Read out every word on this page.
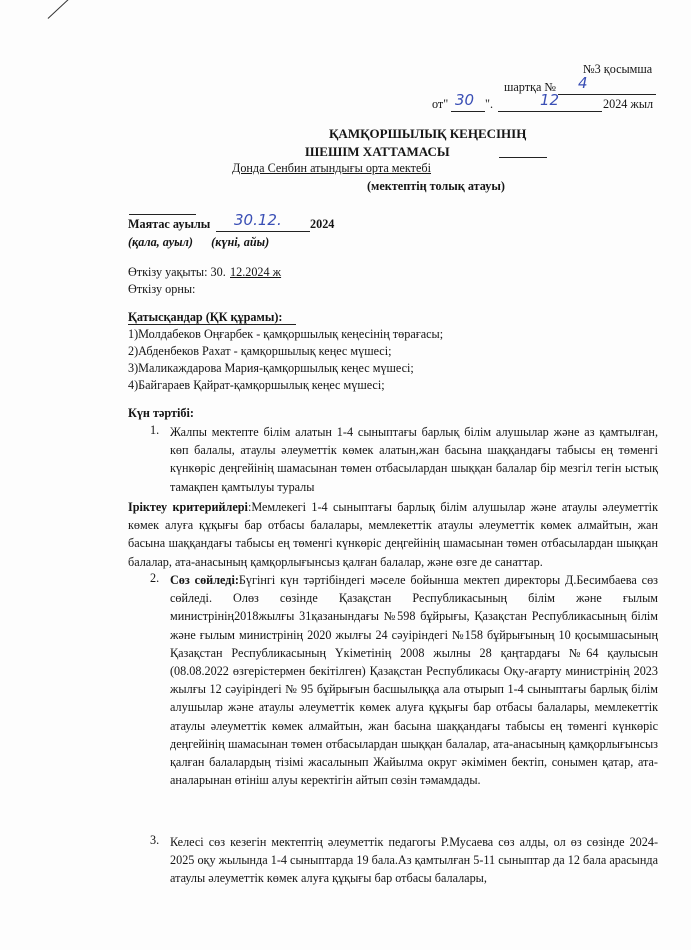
№3 қосымша

шартқа № 4

от" 30 ".	12	2024 жыл

ҚАМҚОРШЫЛЫҚ КЕҢЕСІНІҢ

ШЕШІМ ХАТТАМАСЫ

Донда Сенбин атындығы орта мектебі

(мектептің толық атауы)

Маятас ауылы 30.12. 2024

(қала, ауыл)      (күні, айы)

Өткізу уақыты: 30. 12.2024 ж

Өткізу орны:

Қатысқандар (ҚК құрамы):

1)Молдабеков Оңғарбек - қамқоршылық кеңесінің төрағасы;

2)Абденбеков Рахат - қамқоршылық кеңес мүшесі;

3)Маликаждарова Мария-қамқоршылық кеңес мүшесі;

4)Байгараев Қайрат-қамқоршылық кеңес мүшесі;

Күн тәртібі:

1. Жалпы мектепте білім алатын 1-4 сыныптағы барлық білім алушылар және аз қамтылған, көп балалы, атаулы әлеуметтік көмек алатын,жан басына шаққандағы табысы ең төменгі күнкөріс деңгейінің шамасынан төмен отбасылардан шыққан балалар бір мезгіл тегін ыстық тамақпен қамтылуы туралы

Іріктеу критерийлері:Мемлекегі 1-4 сыныптағы барлық білім алушылар және атаулы әлеуметтік көмек алуға құқығы бар отбасы балалары, мемлекеттік атаулы әлеуметтік көмек алмайтын, жан басына шаққандағы табысы ең төменгі күнкөріс деңгейінің шамасынан төмен отбасылардан шыққан балалар, ата-анасының қамқорлығынсыз қалған балалар, және өзге де санаттар.

2. Сөз сөйледі:Бүгінгі күн тәртібіндегі мәселе бойынша мектеп директоры Д.Бесимбаева сөз сөйледі. Олөз сөзінде Қазақстан Республикасының білім және ғылым министрінің2018жылғы 31қазанындағы №598 бұйрығы, Қазақстан Республикасының білім және ғылым министрінің 2020 жылғы 24 сәуіріндегі №158 бұйрығының 10 қосымшасының Қазақстан Республикасының Үкіметінің 2008 жылны 28 қаңтардағы №64 қаулысын (08.08.2022 өзгерістермен бекітілген) Қазақстан Республикасы Оқу-ағарту министрінің 2023 жылғы 12 сәуіріндегі № 95 бұйрығын басшылыққа ала отырып 1-4 сыныптағы барлық білім алушылар және атаулы әлеуметтік көмек алуға құқығы бар отбасы балалары, мемлекеттік атаулы әлеуметтік көмек алмайтын, жан басына шаққандағы табысы ең төменгі күнкөріс деңгейінің шамасынан төмен отбасылардан шыққан балалар, ата-анасының қамқорлығынсыз қалған балалардың тізімі жасалынып Жайылма округ әкімімен бектіп, сонымен қатар, ата-аналарынан өтініш алуы керектігін айтып сөзін тәмамдады.

3. Келесі сөз кезегін мектептің әлеуметтік педагогы Р.Мусаева сөз алды, ол өз сөзінде 2024-2025 оқу жылында 1-4 сыныптарда 19 бала.Аз қамтылған 5-11 сыныптар да 12 бала арасында атаулы әлеуметтік көмек алуға құқығы бар отбасы балалары,
